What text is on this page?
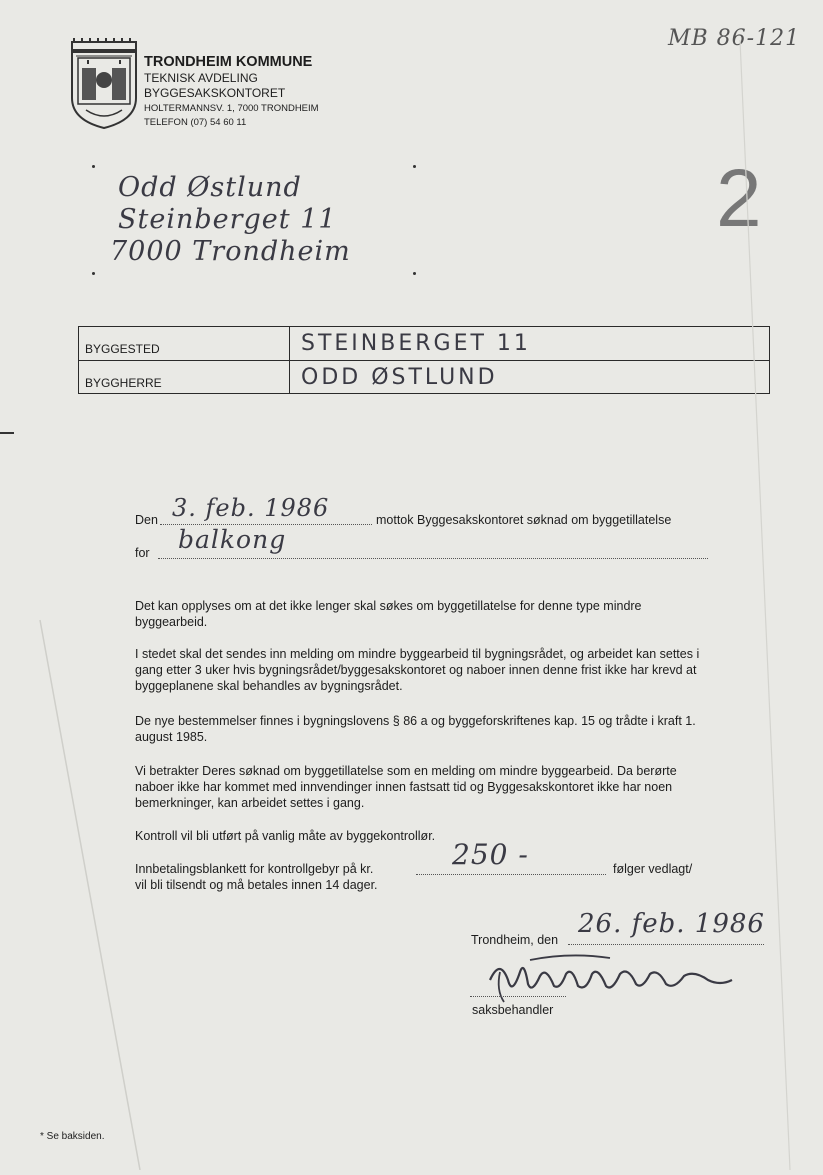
MB 86-121
TRONDHEIM KOMMUNE
TEKNISK AVDELING
BYGGESAKSKONTORET
HOLTERMANNSV. 1, 7000 TRONDHEIM
TELEFON (07) 54 60 11
2
Odd Østlund
Steinberget 11
7000 Trondheim
BYGGESTED	STEINBERGET 11
BYGGHERRE	ODD ØSTLUND
Den 3. feb. 1986	mottok Byggesakskontoret søknad om byggetillatelse
for balkong
Det kan opplyses om at det ikke lenger skal søkes om byggetillatelse for denne type mindre byggearbeid.
I stedet skal det sendes inn melding om mindre byggearbeid til bygningsrådet, og arbeidet kan settes i gang etter 3 uker hvis bygningsrådet/byggesakskontoret og naboer innen denne frist ikke har krevd at byggeplanene skal behandles av bygningsrådet.
De nye bestemmelser finnes i bygningslovens § 86 a og byggeforskriftenes kap. 15 og trådte i kraft 1. august 1985.
Vi betrakter Deres søknad om byggetillatelse som en melding om mindre byggearbeid. Da berørte naboer ikke har kommet med innvendinger innen fastsatt tid og Byggesakskontoret ikke har noen bemerkninger, kan arbeidet settes i gang.
Kontroll vil bli utført på vanlig måte av byggekontrollør.
Innbetalingsblankett for kontrollgebyr på kr.	250 -	følger vedlagt/
vil bli tilsendt og må betales innen 14 dager.
Trondheim, den
26. feb. 1986
saksbehandler
* Se baksiden.
